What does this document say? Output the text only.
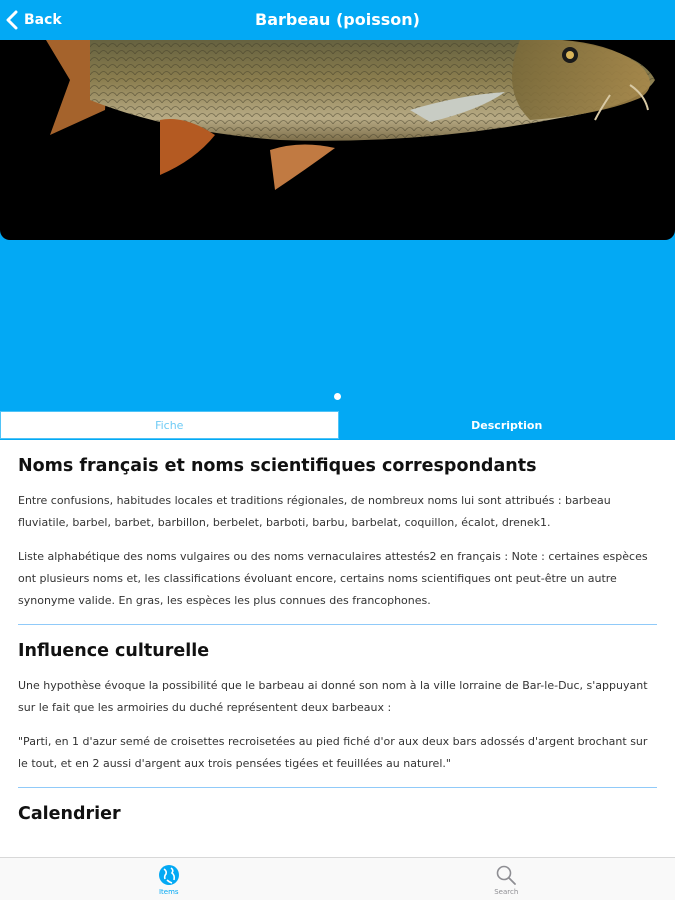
Back	Barbeau (poisson)
Fiche	Description
Noms français et noms scientifiques correspondants

Entre confusions, habitudes locales et traditions régionales, de nombreux noms lui sont attribués : barbeau fluviatile, barbel, barbet, barbillon, berbelet, barboti, barbu, barbelat, coquillon, écalot, drenek1.

Liste alphabétique des noms vulgaires ou des noms vernaculaires attestés2 en français : Note : certaines espèces ont plusieurs noms et, les classifications évoluant encore, certains noms scientifiques ont peut-être un autre synonyme valide. En gras, les espèces les plus connues des francophones.

Influence culturelle

Une hypothèse évoque la possibilité que le barbeau ai donné son nom à la ville lorraine de Bar-le-Duc, s'appuyant sur le fait que les armoiries du duché représentent deux barbeaux :

"Parti, en 1 d'azur semé de croisettes recroisetées au pied fiché d'or aux deux bars adossés d'argent brochant sur le tout, et en 2 aussi d'argent aux trois pensées tigées et feuillées au naturel."

Calendrier
Items	Search
